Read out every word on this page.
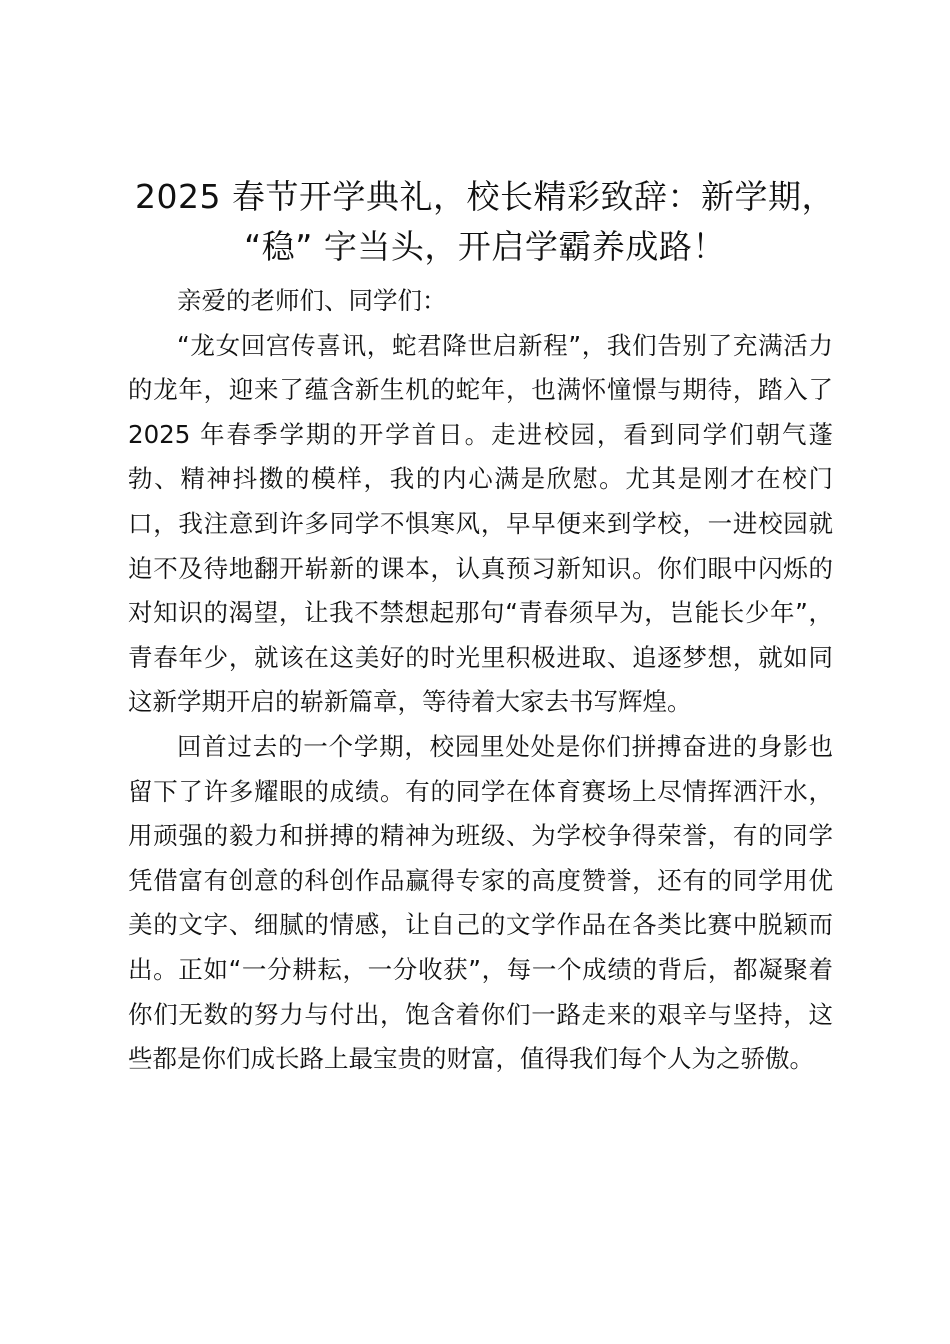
2025 春节开学典礼，校长精彩致辞：新学期，
“稳” 字当头，开启学霸养成路！

亲爱的老师们、同学们：

“龙女回宫传喜讯，蛇君降世启新程”，我们告别了充满活力的龙年，迎来了蕴含新生机的蛇年，也满怀憧憬与期待，踏入了 2025 年春季学期的开学首日。走进校园，看到同学们朝气蓬勃、精神抖擞的模样，我的内心满是欣慰。尤其是刚才在校门口，我注意到许多同学不惧寒风，早早便来到学校，一进校园就迫不及待地翻开崭新的课本，认真预习新知识。你们眼中闪烁的对知识的渴望，让我不禁想起那句“青春须早为，岂能长少年”，青春年少，就该在这美好的时光里积极进取、追逐梦想，就如同这新学期开启的崭新篇章，等待着大家去书写辉煌。

回首过去的一个学期，校园里处处是你们拼搏奋进的身影也留下了许多耀眼的成绩。有的同学在体育赛场上尽情挥洒汗水，用顽强的毅力和拼搏的精神为班级、为学校争得荣誉，有的同学凭借富有创意的科创作品赢得专家的高度赞誉，还有的同学用优美的文字、细腻的情感，让自己的文学作品在各类比赛中脱颖而出。正如“一分耕耘，一分收获”，每一个成绩的背后，都凝聚着你们无数的努力与付出，饱含着你们一路走来的艰辛与坚持，这些都是你们成长路上最宝贵的财富，值得我们每个人为之骄傲。
